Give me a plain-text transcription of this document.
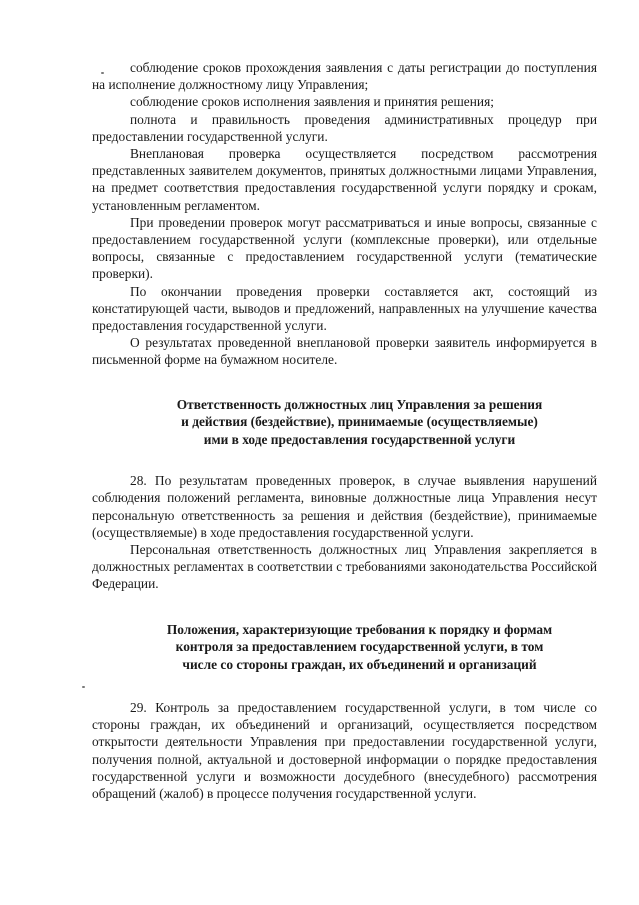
соблюдение сроков прохождения заявления с даты регистрации до поступления на исполнение должностному лицу Управления;

соблюдение сроков исполнения заявления и принятия решения;

полнота и правильность проведения административных процедур при предоставлении государственной услуги.

Внеплановая проверка осуществляется посредством рассмотрения представленных заявителем документов, принятых должностными лицами Управления, на предмет соответствия предоставления государственной услуги порядку и срокам, установленным регламентом.

При проведении проверок могут рассматриваться и иные вопросы, связанные с предоставлением государственной услуги (комплексные проверки), или отдельные вопросы, связанные с предоставлением государственной услуги (тематические проверки).

По окончании проведения проверки составляется акт, состоящий из констатирующей части, выводов и предложений, направленных на улучшение качества предоставления государственной услуги.

О результатах проведенной внеплановой проверки заявитель информируется в письменной форме на бумажном носителе.

Ответственность должностных лиц Управления за решения
и действия (бездействие), принимаемые (осуществляемые)
ими в ходе предоставления государственной услуги

28. По результатам проведенных проверок, в случае выявления нарушений соблюдения положений регламента, виновные должностные лица Управления несут персональную ответственность за решения и действия (бездействие), принимаемые (осуществляемые) в ходе предоставления государственной услуги.

Персональная ответственность должностных лиц Управления закрепляется в должностных регламентах в соответствии с требованиями законодательства Российской Федерации.

Положения, характеризующие требования к порядку и формам
контроля за предоставлением государственной услуги, в том
числе со стороны граждан, их объединений и организаций

29. Контроль за предоставлением государственной услуги, в том числе со стороны граждан, их объединений и организаций, осуществляется посредством открытости деятельности Управления при предоставлении государственной услуги, получения полной, актуальной и достоверной информации о порядке предоставления государственной услуги и возможности досудебного (внесудебного) рассмотрения обращений (жалоб) в процессе получения государственной услуги.
